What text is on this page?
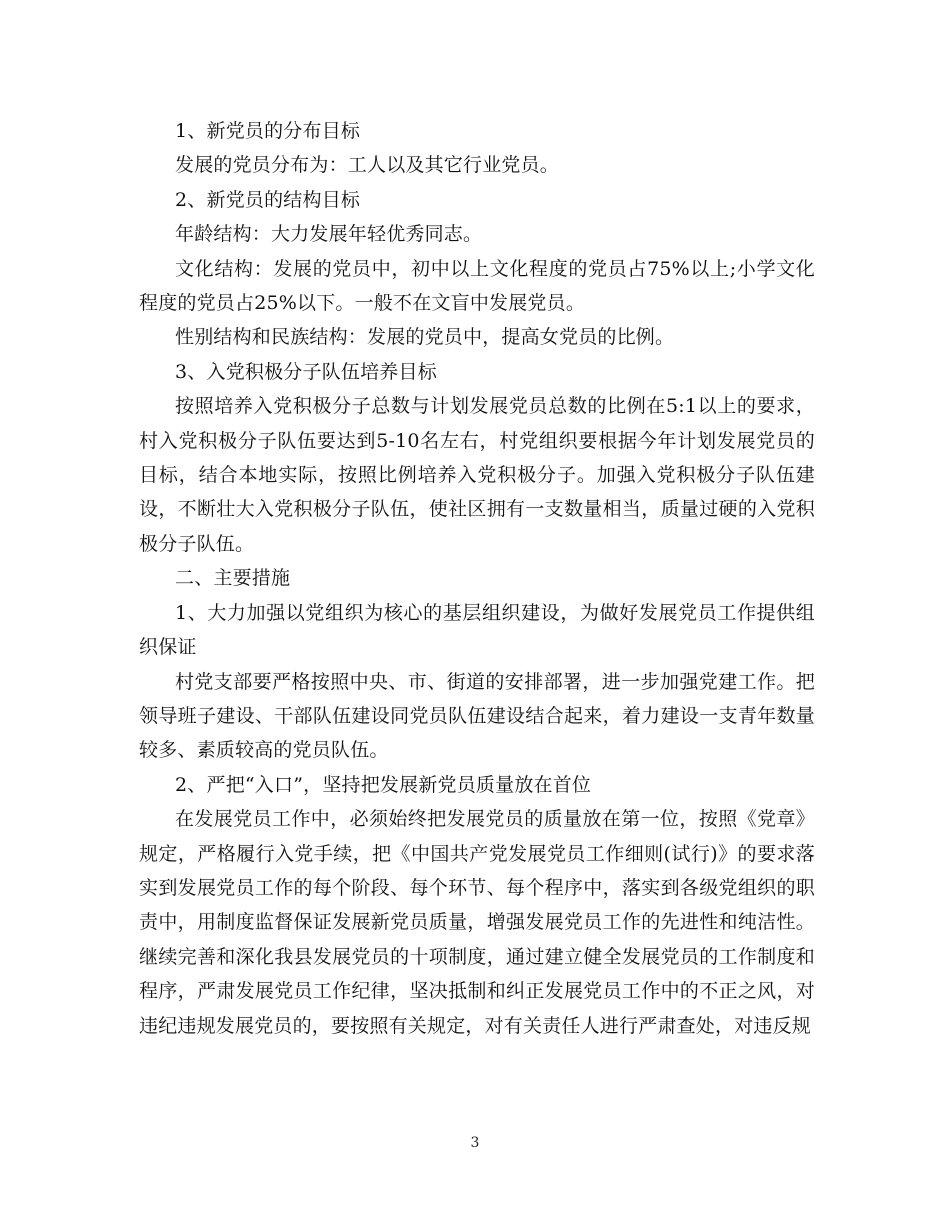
1、新党员的分布目标

发展的党员分布为：工人以及其它行业党员。

2、新党员的结构目标

年龄结构：大力发展年轻优秀同志。

文化结构：发展的党员中，初中以上文化程度的党员占75%以上;小学文化程度的党员占25%以下。一般不在文盲中发展党员。

性别结构和民族结构：发展的党员中，提高女党员的比例。

3、入党积极分子队伍培养目标

按照培养入党积极分子总数与计划发展党员总数的比例在5:1以上的要求，村入党积极分子队伍要达到5-10名左右，村党组织要根据今年计划发展党员的目标，结合本地实际，按照比例培养入党积极分子。加强入党积极分子队伍建设，不断壮大入党积极分子队伍，使社区拥有一支数量相当，质量过硬的入党积极分子队伍。

二、主要措施

1、大力加强以党组织为核心的基层组织建设，为做好发展党员工作提供组织保证

村党支部要严格按照中央、市、街道的安排部署，进一步加强党建工作。把领导班子建设、干部队伍建设同党员队伍建设结合起来，着力建设一支青年数量较多、素质较高的党员队伍。

2、严把“入口”，坚持把发展新党员质量放在首位

在发展党员工作中，必须始终把发展党员的质量放在第一位，按照《党章》规定，严格履行入党手续，把《中国共产党发展党员工作细则(试行)》的要求落实到发展党员工作的每个阶段、每个环节、每个程序中，落实到各级党组织的职责中，用制度监督保证发展新党员质量，增强发展党员工作的先进性和纯洁性。继续完善和深化我县发展党员的十项制度，通过建立健全发展党员的工作制度和程序，严肃发展党员工作纪律，坚决抵制和纠正发展党员工作中的不正之风，对违纪违规发展党员的，要按照有关规定，对有关责任人进行严肃查处，对违反规

3
